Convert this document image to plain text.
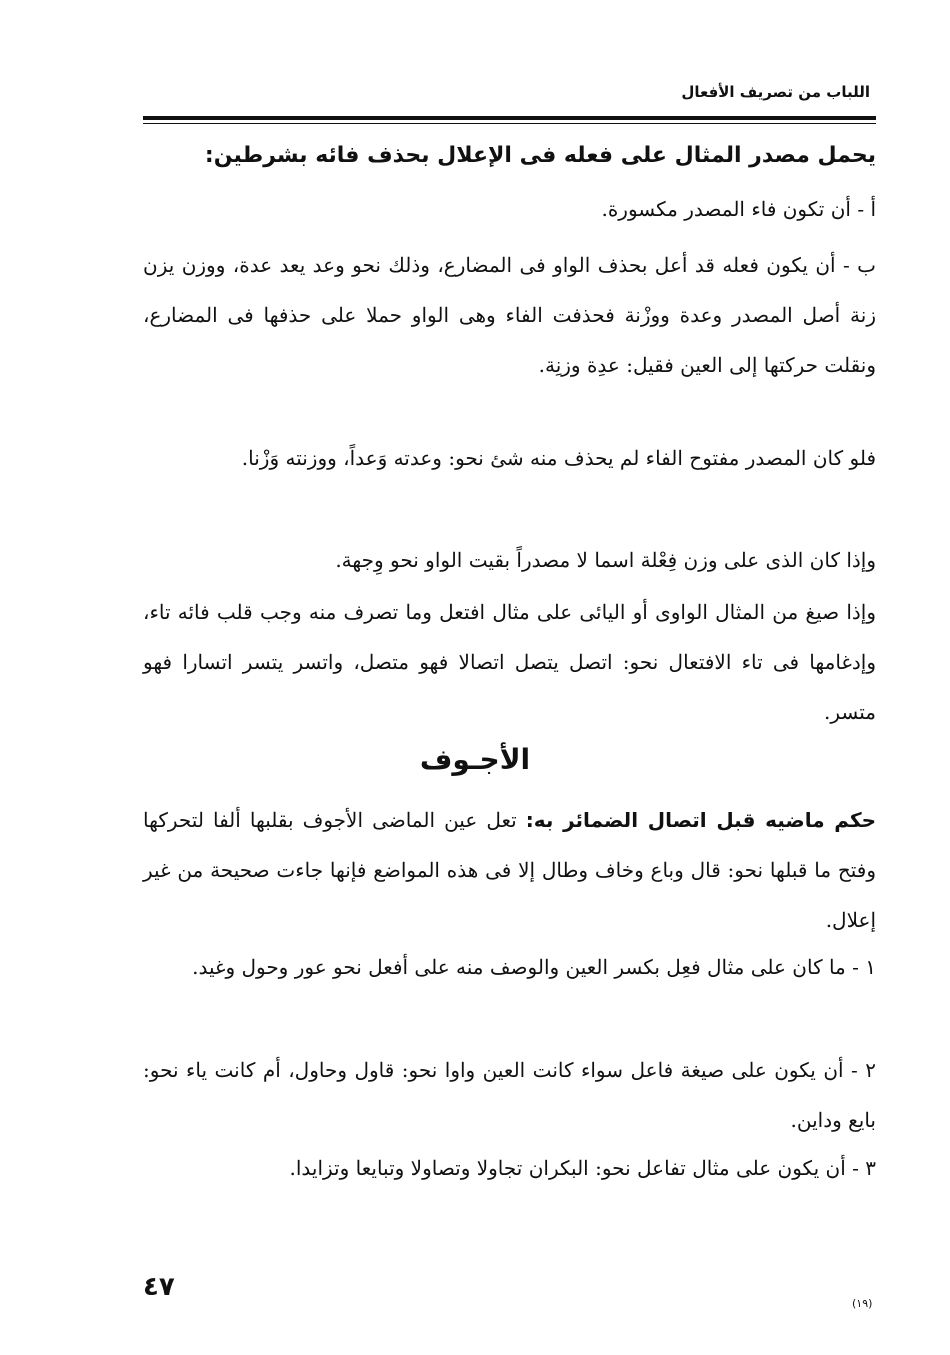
اللباب من تصريف الأفعال
يحمل مصدر المثال على فعله فى الإعلال بحذف فائه بشرطين:

أ - أن تكون فاء المصدر مكسورة.

ب - أن يكون فعله قد أعل بحذف الواو فى المضارع، وذلك نحو وعد يعد عدة، ووزن يزن زنة أصل المصدر وعدة ووزْنة فحذفت الفاء وهى الواو حملا على حذفها فى المضارع، ونقلت حركتها إلى العين فقيل: عدِة وزنِة.

فلو كان المصدر مفتوح الفاء لم يحذف منه شئ نحو: وعدته وَعداً، ووزنته وَزْنا.

وإذا كان الذى على وزن فِعْلة اسما لا مصدراً بقيت الواو نحو وِجهة.

وإذا صيغ من المثال الواوى أو اليائى على مثال افتعل وما تصرف منه وجب قلب فائه تاء، وإدغامها فى تاء الافتعال نحو: اتصل يتصل اتصالا فهو متصل، واتسر يتسر اتسارا فهو متسر.

الأجـوف

حكم ماضيه قبل اتصال الضمائر به: تعل عين الماضى الأجوف بقلبها ألفا لتحركها وفتح ما قبلها نحو: قال وباع وخاف وطال إلا فى هذه المواضع فإنها جاءت صحيحة من غير إعلال.

١ - ما كان على مثال فعِل بكسر العين والوصف منه على أفعل نحو عور وحول وغيد.

٢ - أن يكون على صيغة فاعل سواء كانت العين واوا نحو: قاول وحاول، أم كانت ياء نحو: بايع وداين.

٣ - أن يكون على مثال تفاعل نحو: البكران تجاولا وتصاولا وتبايعا وتزايدا.

٤٧
(١٩)
